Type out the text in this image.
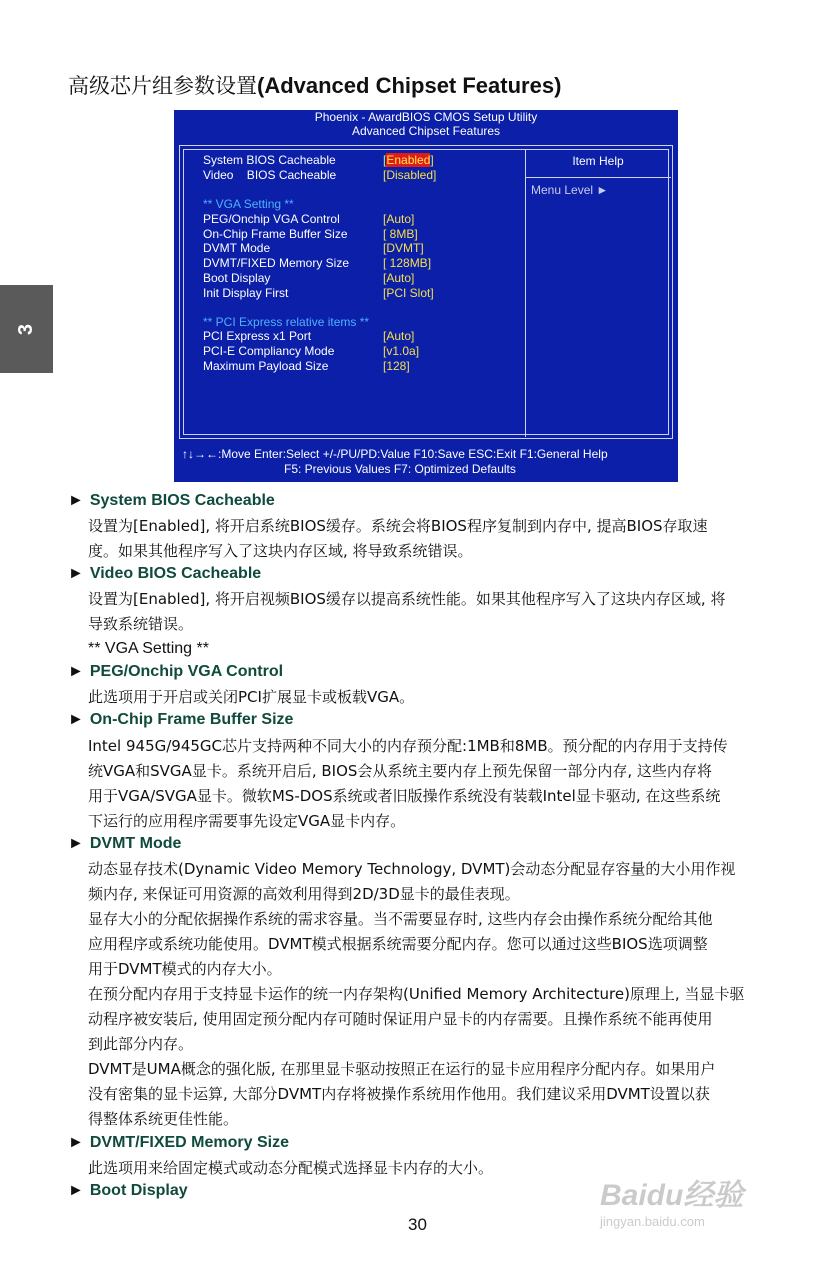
高级芯片组参数设置(Advanced Chipset Features)
3
Phoenix - AwardBIOS CMOS Setup Utility
Advanced Chipset Features
System BIOS Cacheable	[Enabled]
Video    BIOS Cacheable	[Disabled]
** VGA Setting **
PEG/Onchip VGA Control	[Auto]
On-Chip Frame Buffer Size	[ 8MB]
DVMT Mode	[DVMT]
DVMT/FIXED Memory Size	[ 128MB]
Boot Display	[Auto]
Init Display First	[PCI Slot]
** PCI Express relative items **
PCI Express x1 Port	[Auto]
PCI-E Compliancy Mode	[v1.0a]
Maximum Payload Size	[128]
Item Help
Menu Level ►
↑↓→←:Move Enter:Select +/-/PU/PD:Value F10:Save ESC:Exit F1:General Help
F5: Previous Values F7: Optimized Defaults
► System BIOS Cacheable
设置为[Enabled], 将开启系统BIOS缓存。系统会将BIOS程序复制到内存中, 提高BIOS存取速
度。如果其他程序写入了这块内存区域, 将导致系统错误。
► Video BIOS Cacheable
设置为[Enabled], 将开启视频BIOS缓存以提高系统性能。如果其他程序写入了这块内存区域, 将
导致系统错误。
** VGA Setting **
► PEG/Onchip VGA Control
此选项用于开启或关闭PCI扩展显卡或板载VGA。
► On-Chip Frame Buffer Size
Intel 945G/945GC芯片支持两种不同大小的内存预分配:1MB和8MB。预分配的内存用于支持传
统VGA和SVGA显卡。系统开启后, BIOS会从系统主要内存上预先保留一部分内存, 这些内存将
用于VGA/SVGA显卡。微软MS-DOS系统或者旧版操作系统没有装载Intel显卡驱动, 在这些系统
下运行的应用程序需要事先设定VGA显卡内存。
► DVMT Mode
动态显存技术(Dynamic Video Memory Technology, DVMT)会动态分配显存容量的大小用作视
频内存, 来保证可用资源的高效利用得到2D/3D显卡的最佳表现。
显存大小的分配依据操作系统的需求容量。当不需要显存时, 这些内存会由操作系统分配给其他
应用程序或系统功能使用。DVMT模式根据系统需要分配内存。您可以通过这些BIOS选项调整
用于DVMT模式的内存大小。
在预分配内存用于支持显卡运作的统一内存架构(Unified Memory Architecture)原理上, 当显卡驱
动程序被安装后, 使用固定预分配内存可随时保证用户显卡的内存需要。且操作系统不能再使用
到此部分内存。
DVMT是UMA概念的强化版, 在那里显卡驱动按照正在运行的显卡应用程序分配内存。如果用户
没有密集的显卡运算, 大部分DVMT内存将被操作系统用作他用。我们建议采用DVMT设置以获
得整体系统更佳性能。
► DVMT/FIXED Memory Size
此选项用来给固定模式或动态分配模式选择显卡内存的大小。
► Boot Display
30
Baidu经验
jingyan.baidu.com
